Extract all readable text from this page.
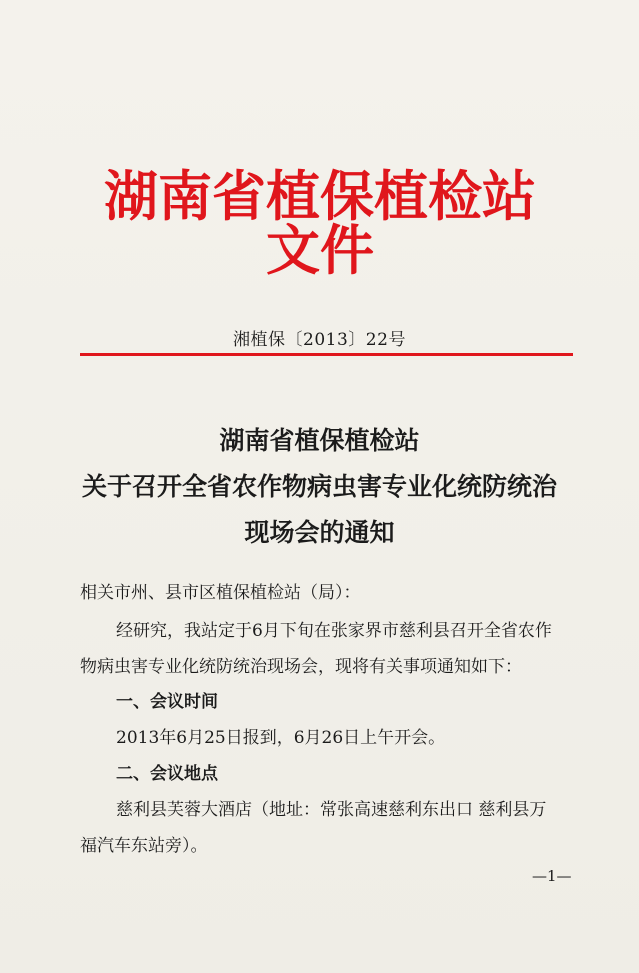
湖南省植保植检站文件
湘植保〔2013〕22号
湖南省植保植检站
关于召开全省农作物病虫害专业化统防统治
现场会的通知
相关市州、县市区植保植检站（局）：
经研究，我站定于6月下旬在张家界市慈利县召开全省农作
物病虫害专业化统防统治现场会，现将有关事项通知如下：
一、会议时间
2013年6月25日报到，6月26日上午开会。
二、会议地点
慈利县芙蓉大酒店（地址：常张高速慈利东出口 慈利县万
福汽车东站旁）。
—1—
